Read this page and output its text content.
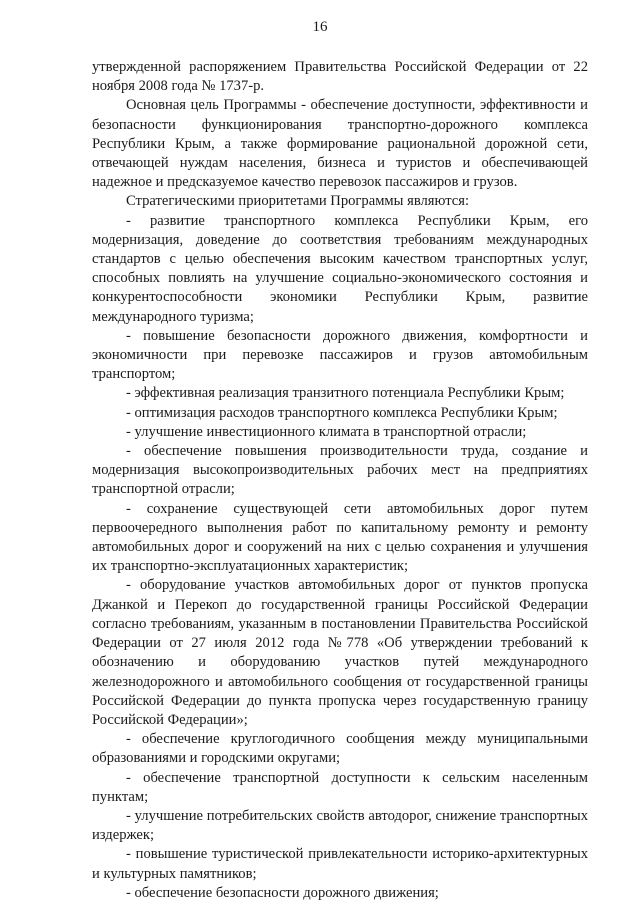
16

утвержденной распоряжением Правительства Российской Федерации от 22 ноября 2008 года № 1737-р.

Основная цель Программы - обеспечение доступности, эффективности и безопасности функционирования транспортно-дорожного комплекса Республики Крым, а также формирование рациональной дорожной сети, отвечающей нуждам населения, бизнеса и туристов и обеспечивающей надежное и предсказуемое качество перевозок пассажиров и грузов.

Стратегическими приоритетами Программы являются:

- развитие транспортного комплекса Республики Крым, его модернизация, доведение до соответствия требованиям международных стандартов с целью обеспечения высоким качеством транспортных услуг, способных повлиять на улучшение социально-экономического состояния и конкурентоспособности экономики Республики Крым, развитие международного туризма;

- повышение безопасности дорожного движения, комфортности и экономичности при перевозке пассажиров и грузов автомобильным транспортом;

- эффективная реализация транзитного потенциала Республики Крым;

- оптимизация расходов транспортного комплекса Республики Крым;

- улучшение инвестиционного климата в транспортной отрасли;

- обеспечение повышения производительности труда, создание и модернизация высокопроизводительных рабочих мест на предприятиях транспортной отрасли;

- сохранение существующей сети автомобильных дорог путем первоочередного выполнения работ по капитальному ремонту и ремонту автомобильных дорог и сооружений на них с целью сохранения и улучшения их транспортно-эксплуатационных характеристик;

- оборудование участков автомобильных дорог от пунктов пропуска Джанкой и Перекоп до государственной границы Российской Федерации согласно требованиям, указанным в постановлении Правительства Российской Федерации от 27 июля 2012 года №778 «Об утверждении требований к обозначению и оборудованию участков путей международного железнодорожного и автомобильного сообщения от государственной границы Российской Федерации до пункта пропуска через государственную границу Российской Федерации»;

- обеспечение круглогодичного сообщения между муниципальными образованиями и городскими округами;

- обеспечение транспортной доступности к сельским населенным пунктам;

- улучшение потребительских свойств автодорог, снижение транспортных издержек;

- повышение туристической привлекательности историко-архитектурных и культурных памятников;

- обеспечение безопасности дорожного движения;
